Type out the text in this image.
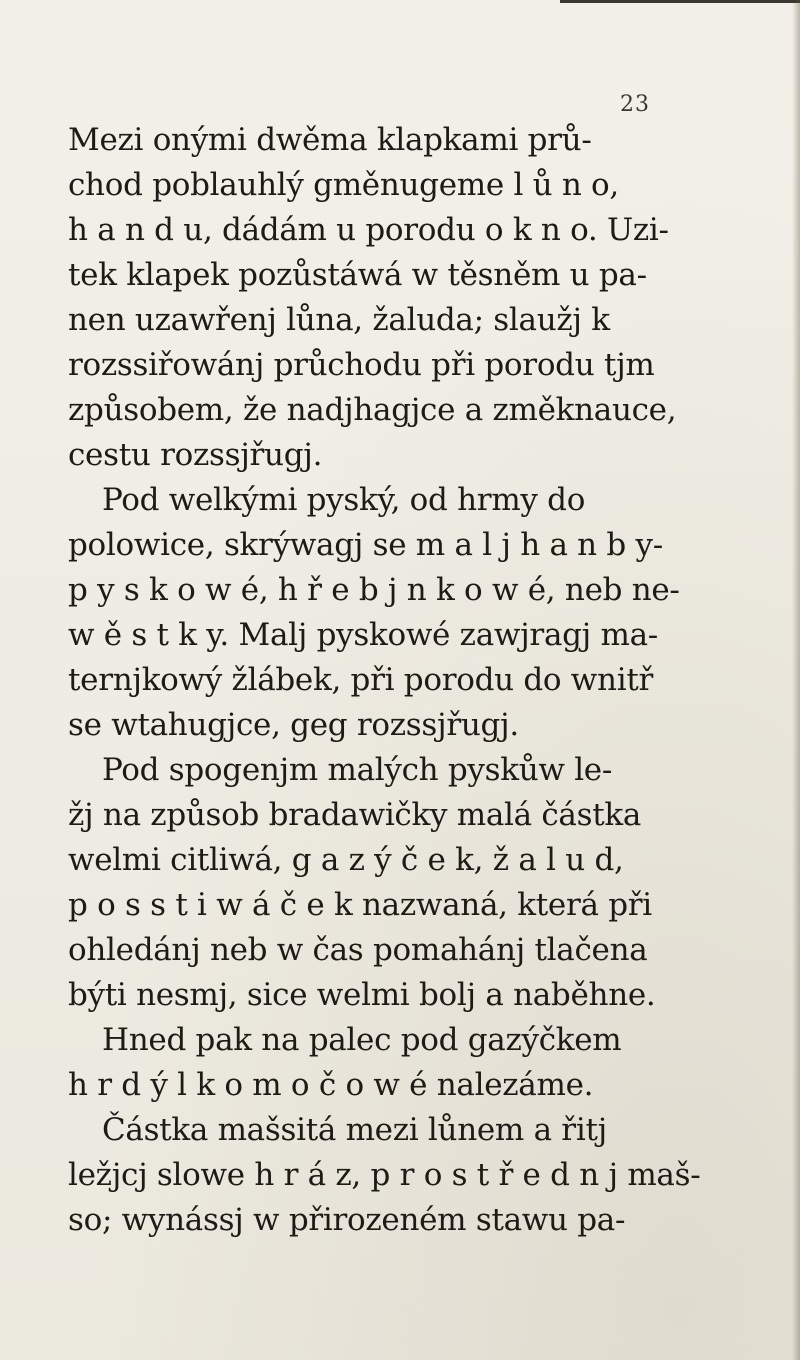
23
Mezi onými dwěma klapkami prů-
chod poblauhlý gměnugeme l ů n o,
h a n d u, dádám u porodu o k n o. Uzi-
tek klapek pozůstáwá w těsněm u pa-
nen uzawřenj lůna, žaluda; slaužj k
rozssiřowánj průchodu při porodu tjm
způsobem, že nadjhagjce a změknauce,
cestu rozssjřugj.
Pod welkými pyský, od hrmy do
polowice, skrýwagj se m a l j h a n b y-
p y s k o w é, h ř e b j n k o w é, neb ne-
w ě s t k y. Malj pyskowé zawjragj ma-
ternjkowý žlábek, při porodu do wnitř
se wtahugjce, geg rozssjřugj.
Pod spogenjm malých pyskůw le-
žj na způsob bradawičky malá částka
welmi citliwá, g a z ý č e k, ž a l u d,
p o s s t i w á č e k nazwaná, která při
ohledánj neb w čas pomahánj tlačena
býti nesmj, sice welmi bolj a naběhne.
Hned pak na palec pod gazýčkem
h r d ý l k o m o č o w é nalezáme.
Částka mašsitá mezi lůnem a řitj
ležjcj slowe h r á z, p r o s t ř e d n j maš-
so; wynássj w přirozeném stawu pa-
